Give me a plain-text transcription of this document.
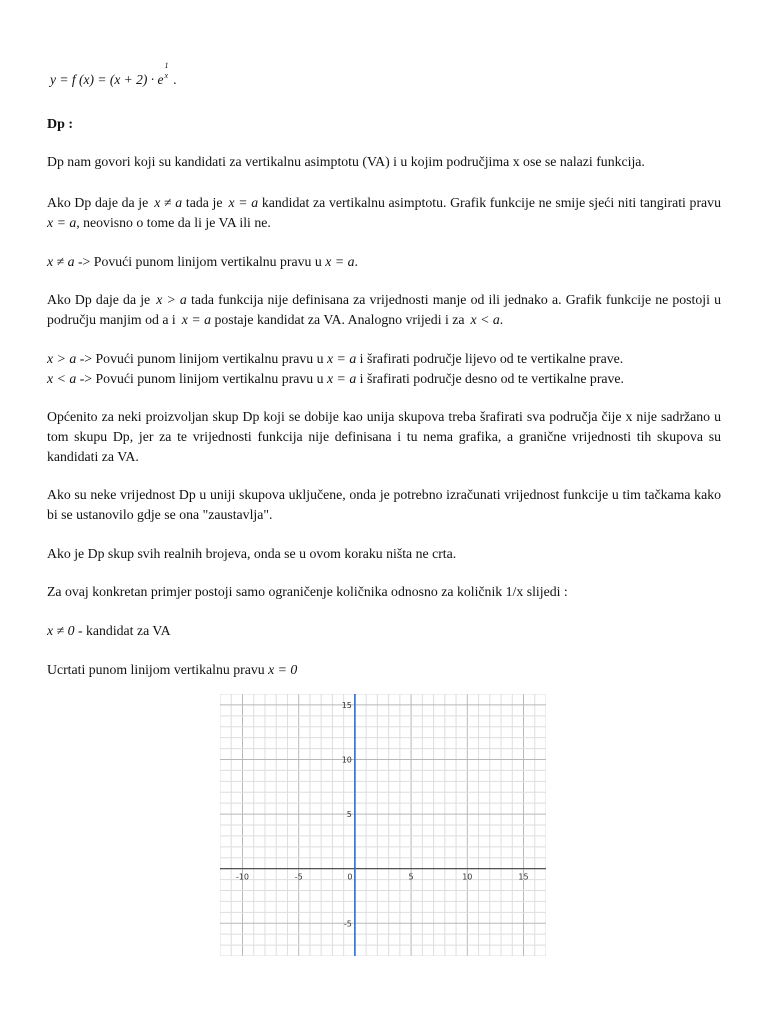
y = f (x) = (x + 2) · e
1
x .
Dp :
Dp nam govori koji su kandidati za vertikalnu asimptotu (VA) i u kojim područjima x ose se nalazi funkcija.
Ako Dp daje da je x ≠ a tada je x = a kandidat za vertikalnu asimptotu. Grafik funkcije ne smije sjeći niti tangirati pravu x = a, neovisno o tome da li je VA ili ne.
x ≠ a -> Povući punom linijom vertikalnu pravu u x = a.
Ako Dp daje da je x > a tada funkcija nije definisana za vrijednosti manje od ili jednako a. Grafik funkcije ne postoji u području manjim od a i x = a postaje kandidat za VA. Analogno vrijedi i za x < a.
x > a -> Povući punom linijom vertikalnu pravu u x = a i šrafirati područje lijevo od te vertikalne prave.
x < a -> Povući punom linijom vertikalnu pravu u x = a i šrafirati područje desno od te vertikalne prave.
Općenito za neki proizvoljan skup Dp koji se dobije kao unija skupova treba šrafirati sva područja čije x nije sadržano u tom skupu Dp, jer za te vrijednosti funkcija nije definisana i tu nema grafika, a granične vrijednosti tih skupova su kandidati za VA.
Ako su neke vrijednost Dp u uniji skupova uključene, onda je potrebno izračunati vrijednost funkcije u tim tačkama kako bi se ustanovilo gdje se ona "zaustavlja".
Ako je Dp skup svih realnih brojeva, onda se u ovom koraku ništa ne crta.
Za ovaj konkretan primjer postoji samo ograničenje količnika odnosno za količnik 1/x slijedi :
x ≠ 0 - kandidat za VA
Ucrtati punom linijom vertikalnu pravu x = 0
-10	-5	0	5	10	15
-5
5
10
15
